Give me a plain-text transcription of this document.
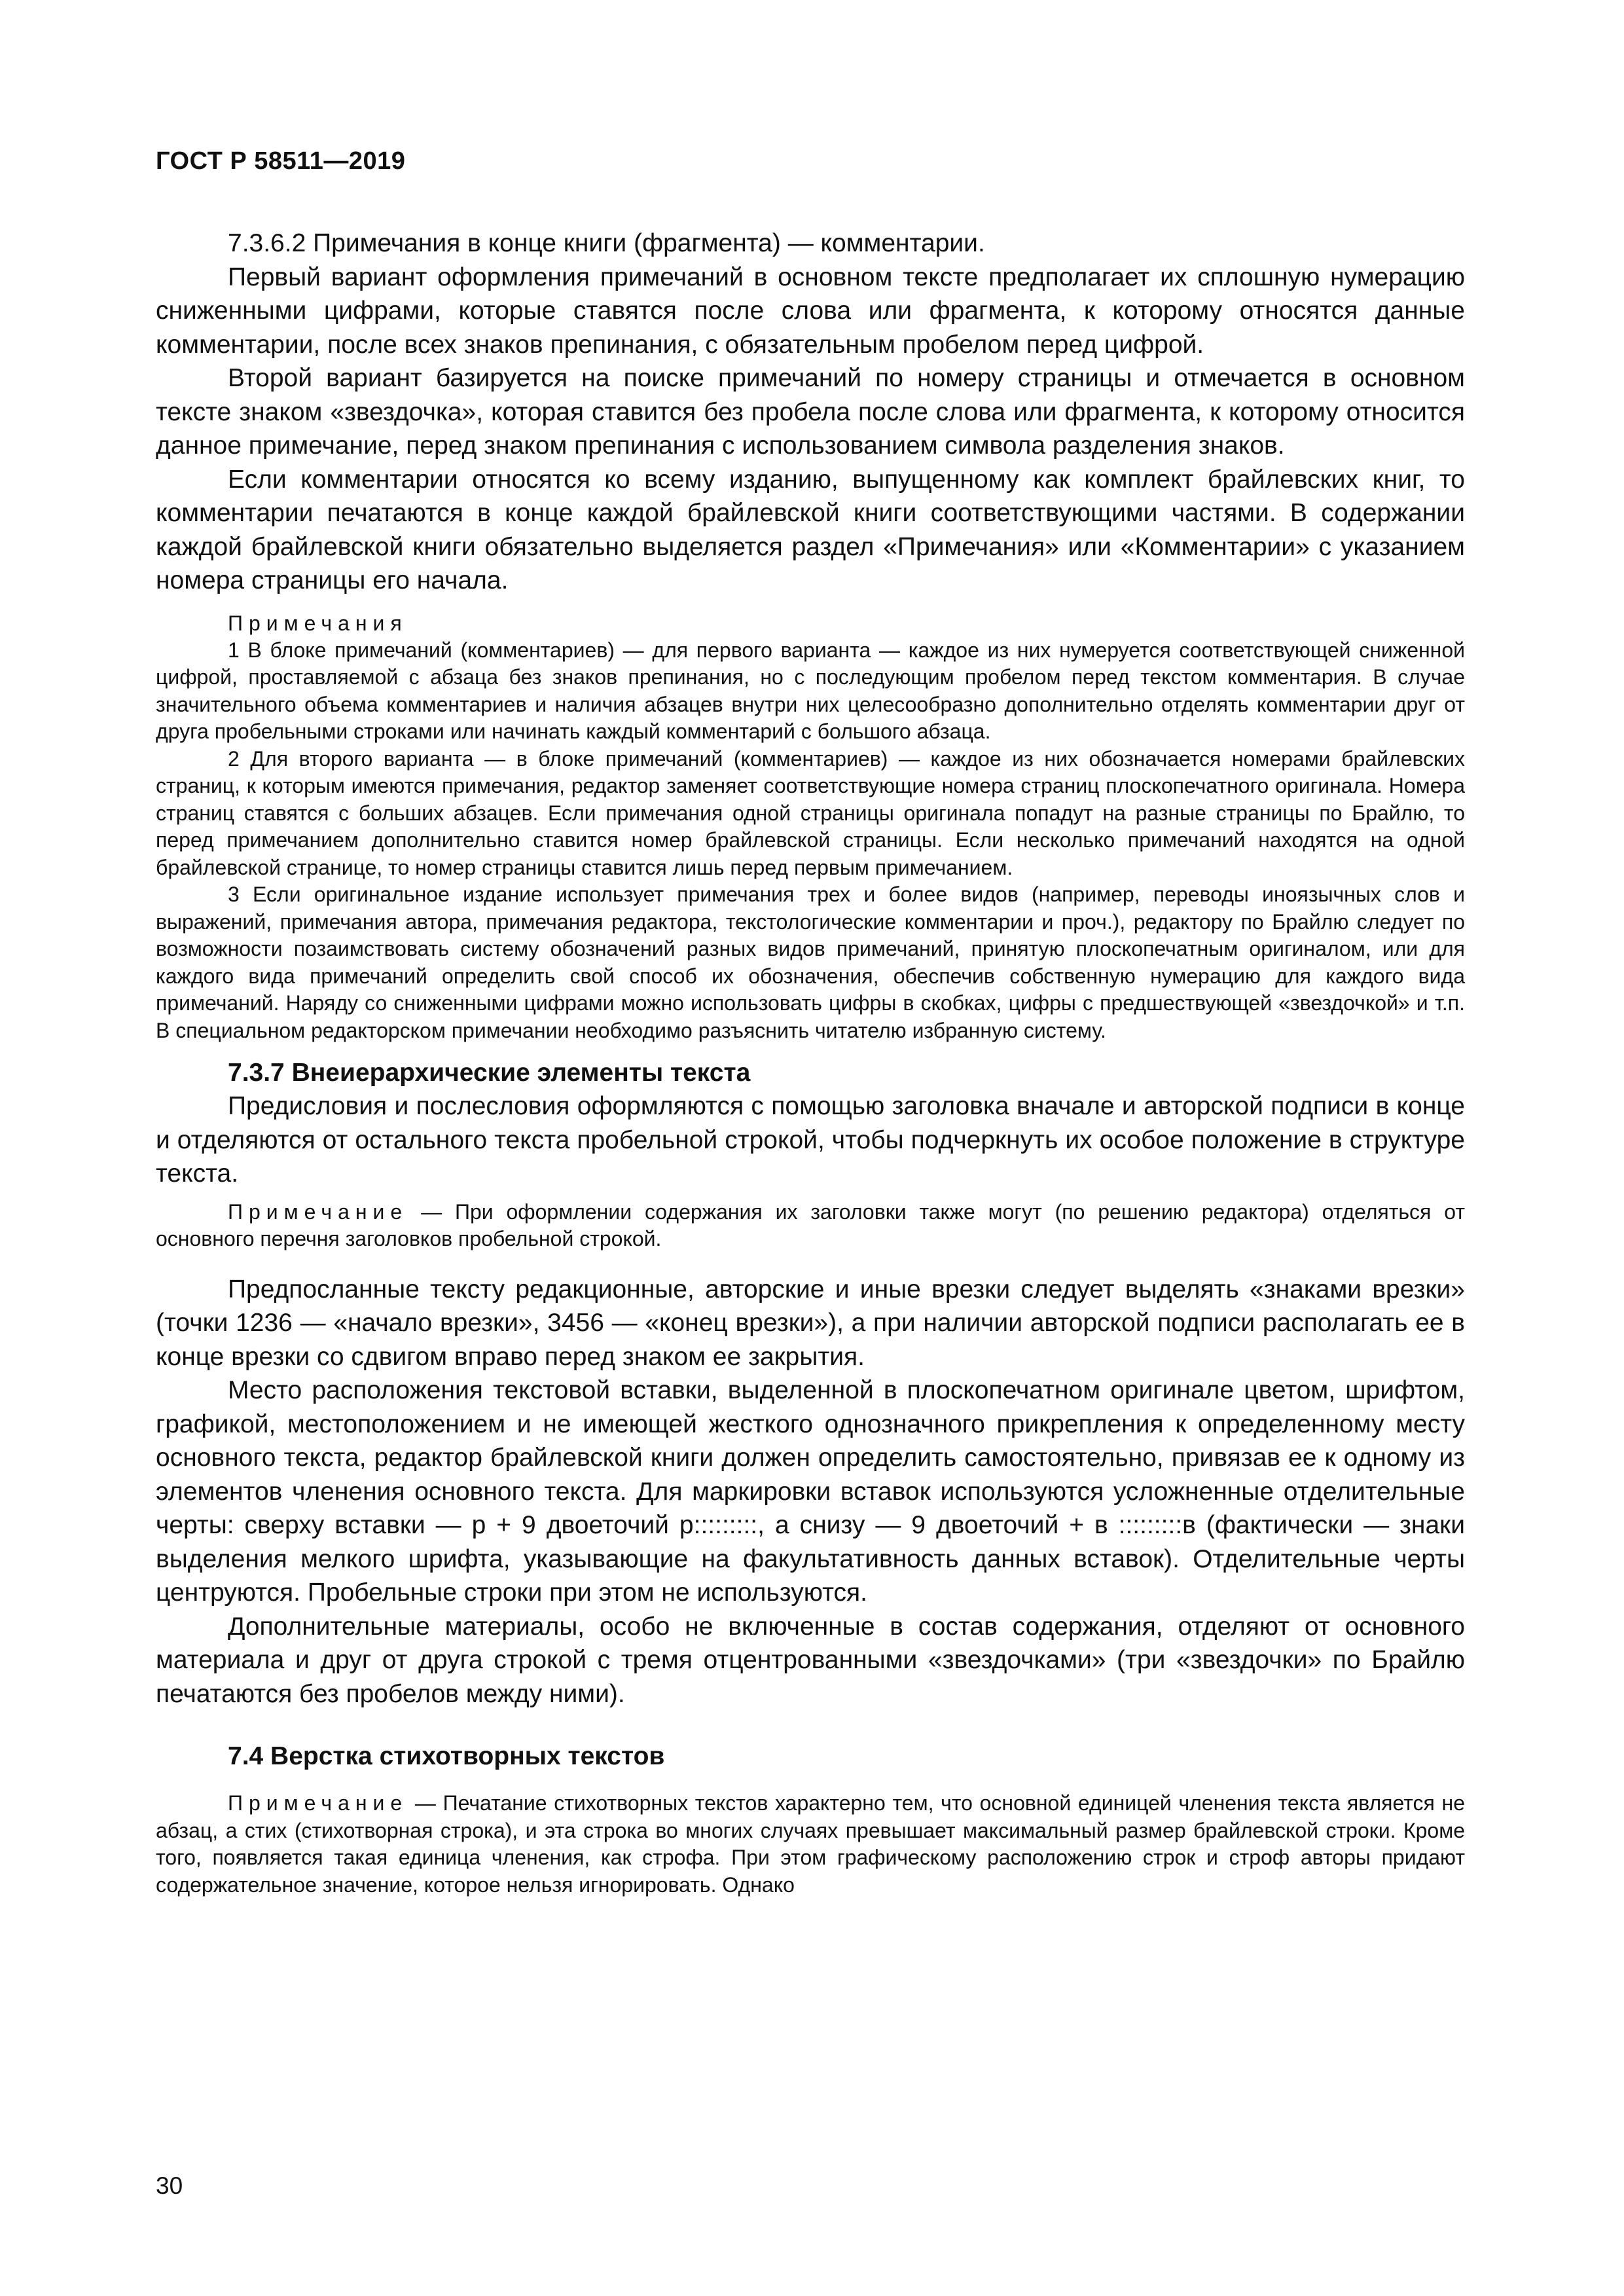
ГОСТ Р 58511—2019

7.3.6.2 Примечания в конце книги (фрагмента) — комментарии.

Первый вариант оформления примечаний в основном тексте предполагает их сплошную нумерацию сниженными цифрами, которые ставятся после слова или фрагмента, к которому относятся данные комментарии, после всех знаков препинания, с обязательным пробелом перед цифрой.

Второй вариант базируется на поиске примечаний по номеру страницы и отмечается в основном тексте знаком «звездочка», которая ставится без пробела после слова или фрагмента, к которому относится данное примечание, перед знаком препинания с использованием символа разделения знаков.

Если комментарии относятся ко всему изданию, выпущенному как комплект брайлевских книг, то комментарии печатаются в конце каждой брайлевской книги соответствующими частями. В содержании каждой брайлевской книги обязательно выделяется раздел «Примечания» или «Комментарии» с указанием номера страницы его начала.

Примечания

1 В блоке примечаний (комментариев) — для первого варианта — каждое из них нумеруется соответствующей сниженной цифрой, проставляемой с абзаца без знаков препинания, но с последующим пробелом перед текстом комментария. В случае значительного объема комментариев и наличия абзацев внутри них целесообразно дополнительно отделять комментарии друг от друга пробельными строками или начинать каждый комментарий с большого абзаца.

2 Для второго варианта — в блоке примечаний (комментариев) — каждое из них обозначается номерами брайлевских страниц, к которым имеются примечания, редактор заменяет соответствующие номера страниц плоскопечатного оригинала. Номера страниц ставятся с больших абзацев. Если примечания одной страницы оригинала попадут на разные страницы по Брайлю, то перед примечанием дополнительно ставится номер брайлевской страницы. Если несколько примечаний находятся на одной брайлевской странице, то номер страницы ставится лишь перед первым примечанием.

3 Если оригинальное издание использует примечания трех и более видов (например, переводы иноязычных слов и выражений, примечания автора, примечания редактора, текстологические комментарии и проч.), редактору по Брайлю следует по возможности позаимствовать систему обозначений разных видов примечаний, принятую плоскопечатным оригиналом, или для каждого вида примечаний определить свой способ их обозначения, обеспечив собственную нумерацию для каждого вида примечаний. Наряду со сниженными цифрами можно использовать цифры в скобках, цифры с предшествующей «звездочкой» и т.п. В специальном редакторском примечании необходимо разъяснить читателю избранную систему.

7.3.7 Внеиерархические элементы текста

Предисловия и послесловия оформляются с помощью заголовка вначале и авторской подписи в конце и отделяются от остального текста пробельной строкой, чтобы подчеркнуть их особое положение в структуре текста.

Примечание — При оформлении содержания их заголовки также могут (по решению редактора) отделяться от основного перечня заголовков пробельной строкой.

Предпосланные тексту редакционные, авторские и иные врезки следует выделять «знаками врезки» (точки 1236 — «начало врезки», 3456 — «конец врезки»), а при наличии авторской подписи располагать ее в конце врезки со сдвигом вправо перед знаком ее закрытия.

Место расположения текстовой вставки, выделенной в плоскопечатном оригинале цветом, шрифтом, графикой, местоположением и не имеющей жесткого однозначного прикрепления к определенному месту основного текста, редактор брайлевской книги должен определить самостоятельно, привязав ее к одному из элементов членения основного текста. Для маркировки вставок используются усложненные отделительные черты: сверху вставки — р + 9 двоеточий р:::::::::, а снизу — 9 двоеточий + в :::::::::в (фактически — знаки выделения мелкого шрифта, указывающие на факультативность данных вставок). Отделительные черты центруются. Пробельные строки при этом не используются.

Дополнительные материалы, особо не включенные в состав содержания, отделяют от основного материала и друг от друга строкой с тремя отцентрованными «звездочками» (три «звездочки» по Брайлю печатаются без пробелов между ними).

7.4 Верстка стихотворных текстов

Примечание — Печатание стихотворных текстов характерно тем, что основной единицей членения текста является не абзац, а стих (стихотворная строка), и эта строка во многих случаях превышает максимальный размер брайлевской строки. Кроме того, появляется такая единица членения, как строфа. При этом графическому расположению строк и строф авторы придают содержательное значение, которое нельзя игнорировать. Однако

30
